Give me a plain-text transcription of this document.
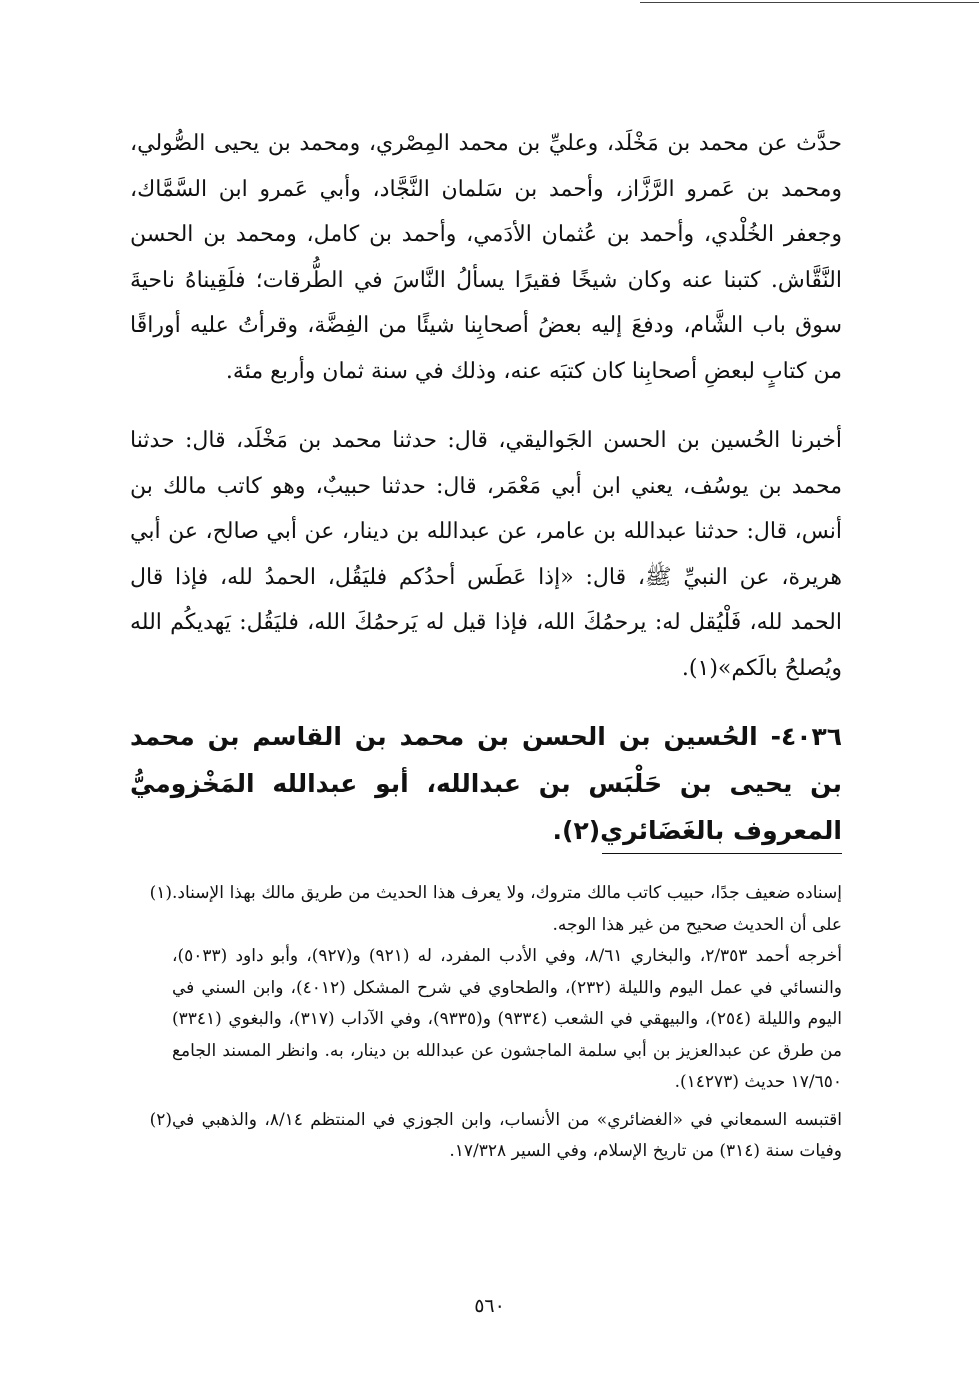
حدَّث عن محمد بن مَخْلَد، وعليِّ بن محمد المِصْري، ومحمد بن يحيى الصُّولي، ومحمد بن عَمرو الرَّزَّاز، وأحمد بن سَلمان النَّجَّاد، وأبي عَمرو ابن السَّمَّاك، وجعفر الخُلْدي، وأحمد بن عُثمان الأدَمي، وأحمد بن كامل، ومحمد بن الحسن النَّقَّاش. كتبنا عنه وكان شيخًا فقيرًا يسألُ النَّاسَ في الطُّرقات؛ فلَقِيناهُ ناحيةَ سوق باب الشَّام، ودفعَ إليه بعضُ أصحابِنا شيئًا من الفِضَّة، وقرأتُ عليه أوراقًا من كتابٍ لبعضِ أصحابِنا كان كتبَه عنه، وذلك في سنة ثمان وأربع مئة.

أخبرنا الحُسين بن الحسن الجَواليقي، قال: حدثنا محمد بن مَخْلَد، قال: حدثنا محمد بن يوسُف، يعني ابن أبي مَعْمَر، قال: حدثنا حبيبٌ، وهو كاتب مالك بن أنس، قال: حدثنا عبدالله بن عامر، عن عبدالله بن دينار، عن أبي صالح، عن أبي هريرة، عن النبيِّ ﷺ، قال: «إذا عَطَس أحدُكم فليَقُل، الحمدُ لله، فإذا قال الحمد لله، فَلْيُقل له: يرحمُكَ الله، فإذا قيل له يَرحمُكَ الله، فليَقُل: يَهديكُم الله ويُصلحُ بالَكم»(١).

٤٠٣٦- الحُسين بن الحسن بن محمد بن القاسم بن محمد بن يحيى بن حَلْبَس بن عبدالله، أبو عبدالله المَخْزوميُّ المعروف بالغَضَائري(٢).

(١) إسناده ضعيف جدًا، حبيب كاتب مالك متروك، ولا يعرف هذا الحديث من طريق مالك بهذا الإسناد. على أن الحديث صحيح من غير هذا الوجه.

أخرجه أحمد ٢/٣٥٣، والبخاري ٨/٦١، وفي الأدب المفرد، له (٩٢١) و(٩٢٧)، وأبو داود (٥٠٣٣)، والنسائي في عمل اليوم والليلة (٢٣٢)، والطحاوي في شرح المشكل (٤٠١٢)، وابن السني في اليوم والليلة (٢٥٤)، والبيهقي في الشعب (٩٣٣٤) و(٩٣٣٥)، وفي الآداب (٣١٧)، والبغوي (٣٣٤١) من طرق عن عبدالعزيز بن أبي سلمة الماجشون عن عبدالله بن دينار، به. وانظر المسند الجامع ١٧/٦٥٠ حديث (١٤٢٧٣).

(٢) اقتبسه السمعاني في «الغضائري» من الأنساب، وابن الجوزي في المنتظم ٨/١٤، والذهبي في وفيات سنة (٣١٤) من تاريخ الإسلام، وفي السير ١٧/٣٢٨.

٥٦٠
